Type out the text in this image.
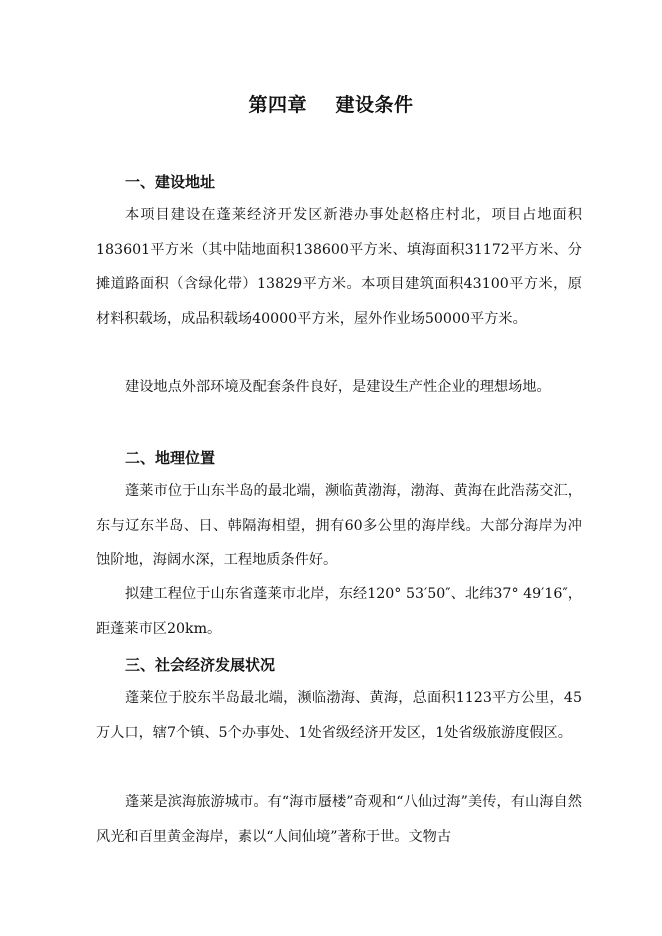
第四章    建设条件
一、建设地址

本项目建设在蓬莱经济开发区新港办事处赵格庄村北，项目占地面积183601平方米（其中陆地面积138600平方米、填海面积31172平方米、分摊道路面积（含绿化带）13829平方米。本项目建筑面积43100平方米，原材料积载场，成品积载场40000平方米，屋外作业场50000平方米。

建设地点外部环境及配套条件良好，是建设生产性企业的理想场地。

二、地理位置

蓬莱市位于山东半岛的最北端，濒临黄渤海，渤海、黄海在此浩荡交汇，东与辽东半岛、日、韩隔海相望，拥有60多公里的海岸线。大部分海岸为冲蚀阶地，海阔水深，工程地质条件好。

拟建工程位于山东省蓬莱市北岸，东经120° 53′50″、北纬37° 49′16″，距蓬莱市区20km。

三、社会经济发展状况

蓬莱位于胶东半岛最北端，濒临渤海、黄海，总面积1123平方公里，45万人口，辖7个镇、5个办事处、1处省级经济开发区，1处省级旅游度假区。

蓬莱是滨海旅游城市。有“海市蜃楼”奇观和“八仙过海”美传，有山海自然风光和百里黄金海岸，素以“人间仙境”著称于世。文物古
